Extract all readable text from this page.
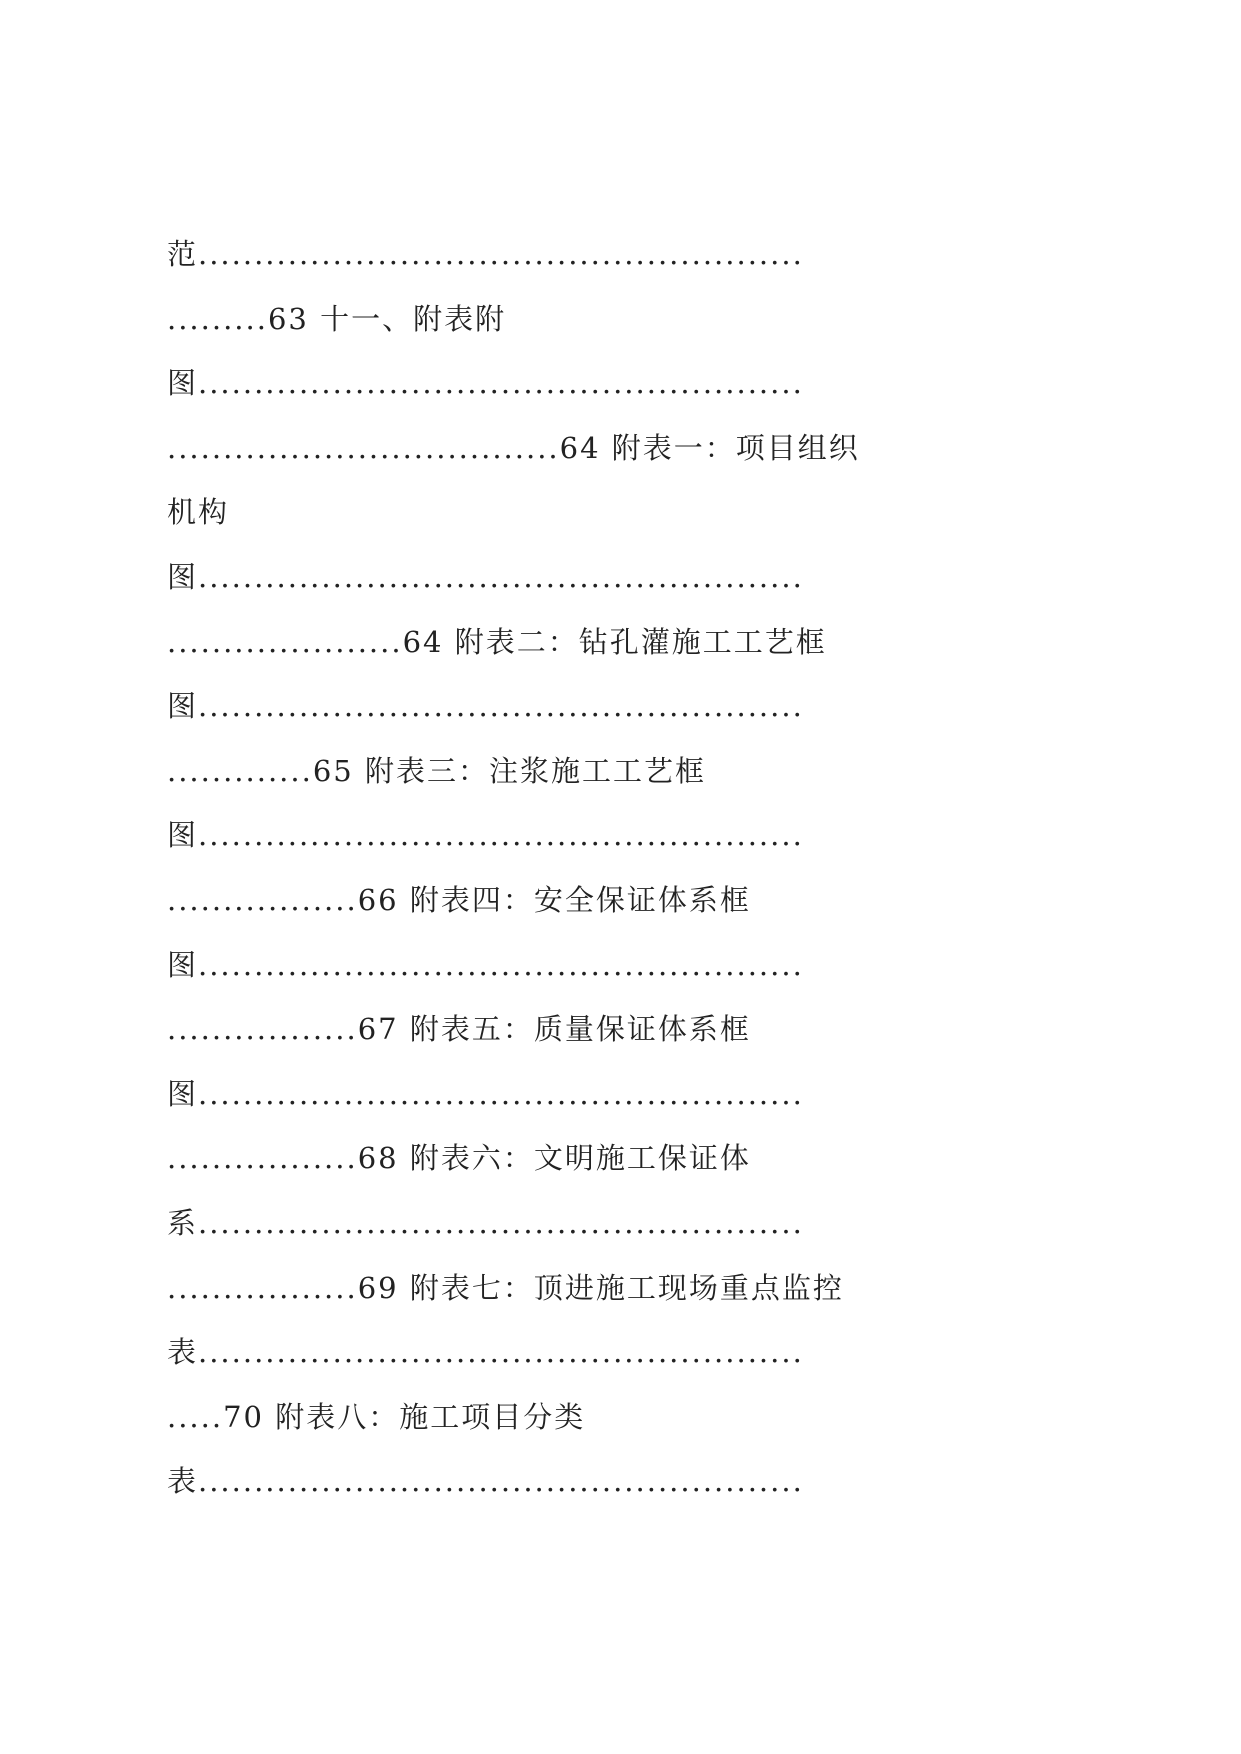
范......................................................
.........63 十一、附表附
图......................................................
...................................64 附表一：项目组织
机构
图......................................................
.....................64 附表二：钻孔灌施工工艺框
图......................................................
.............65 附表三：注浆施工工艺框
图......................................................
.................66 附表四：安全保证体系框
图......................................................
.................67 附表五：质量保证体系框
图......................................................
.................68 附表六：文明施工保证体
系......................................................
.................69 附表七：顶进施工现场重点监控
表......................................................
.....70 附表八：施工项目分类
表......................................................
